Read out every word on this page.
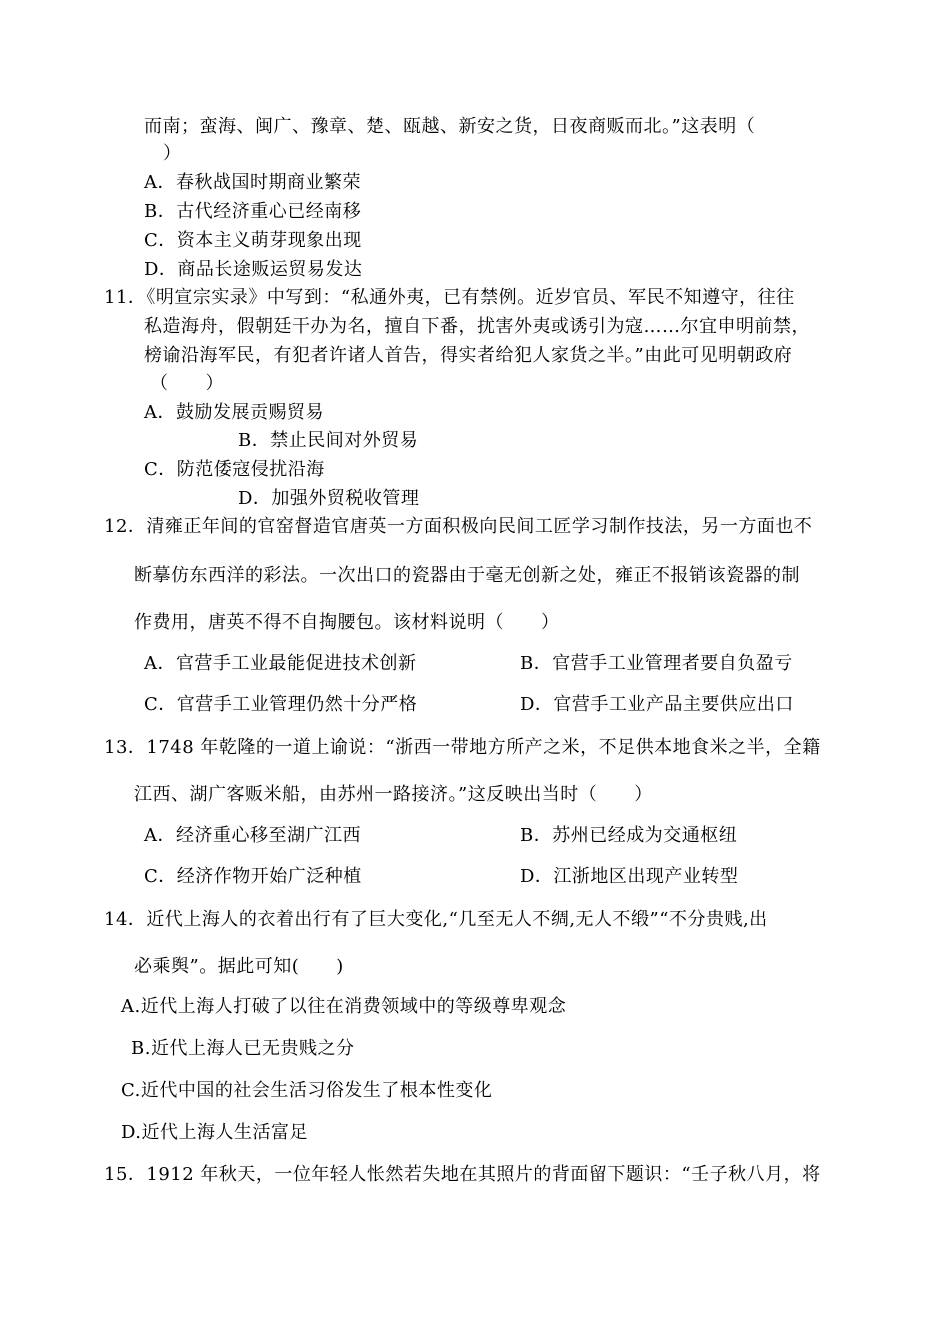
而南；蛮海、闽广、豫章、楚、瓯越、新安之货，日夜商贩而北。”这表明（
）
A．春秋战国时期商业繁荣
B．古代经济重心已经南移
C．资本主义萌芽现象出现
D．商品长途贩运贸易发达
11．《明宣宗实录》中写到：“私通外夷，已有禁例。近岁官员、军民不知遵守，往往
私造海舟，假朝廷干办为名，擅自下番，扰害外夷或诱引为寇……尔宜申明前禁，
榜谕沿海军民，有犯者许诸人首告，得实者给犯人家货之半。”由此可见明朝政府
（　　）
A．鼓励发展贡赐贸易
B．禁止民间对外贸易
C．防范倭寇侵扰沿海
D．加强外贸税收管理
12．清雍正年间的官窑督造官唐英一方面积极向民间工匠学习制作技法，另一方面也不
断摹仿东西洋的彩法。一次出口的瓷器由于毫无创新之处，雍正不报销该瓷器的制
作费用，唐英不得不自掏腰包。该材料说明（　　）
A．官营手工业最能促进技术创新	B．官营手工业管理者要自负盈亏
C．官营手工业管理仍然十分严格	D．官营手工业产品主要供应出口
13．1748 年乾隆的一道上谕说：“浙西一带地方所产之米，不足供本地食米之半，全籍
江西、湖广客贩米船，由苏州一路接济。”这反映出当时（　　）
A．经济重心移至湖广江西	B．苏州已经成为交通枢纽
C．经济作物开始广泛种植	D．江浙地区出现产业转型
14．近代上海人的衣着出行有了巨大变化,“几至无人不绸,无人不缎”“不分贵贱,出
必乘舆”。据此可知(　　)
A.近代上海人打破了以往在消费领域中的等级尊卑观念
B.近代上海人已无贵贱之分
C.近代中国的社会生活习俗发生了根本性变化
D.近代上海人生活富足
15．1912 年秋天，一位年轻人怅然若失地在其照片的背面留下题识：“壬子秋八月，将
